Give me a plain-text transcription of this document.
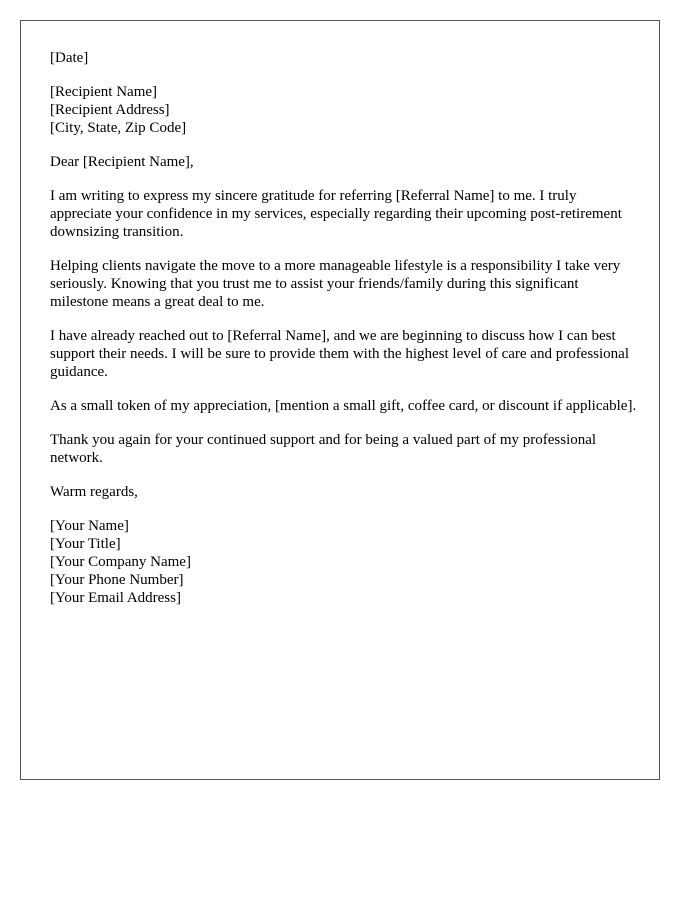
[Date]
[Recipient Name]
[Recipient Address]
[City, State, Zip Code]
Dear [Recipient Name],

I am writing to express my sincere gratitude for referring [Referral Name] to me. I truly appreciate your confidence in my services, especially regarding their upcoming post-retirement downsizing transition.

Helping clients navigate the move to a more manageable lifestyle is a responsibility I take very seriously. Knowing that you trust me to assist your friends/family during this significant milestone means a great deal to me.

I have already reached out to [Referral Name], and we are beginning to discuss how I can best support their needs. I will be sure to provide them with the highest level of care and professional guidance.

As a small token of my appreciation, [mention a small gift, coffee card, or discount if applicable].

Thank you again for your continued support and for being a valued part of my professional network.

Warm regards,
[Your Name]
[Your Title]
[Your Company Name]
[Your Phone Number]
[Your Email Address]
